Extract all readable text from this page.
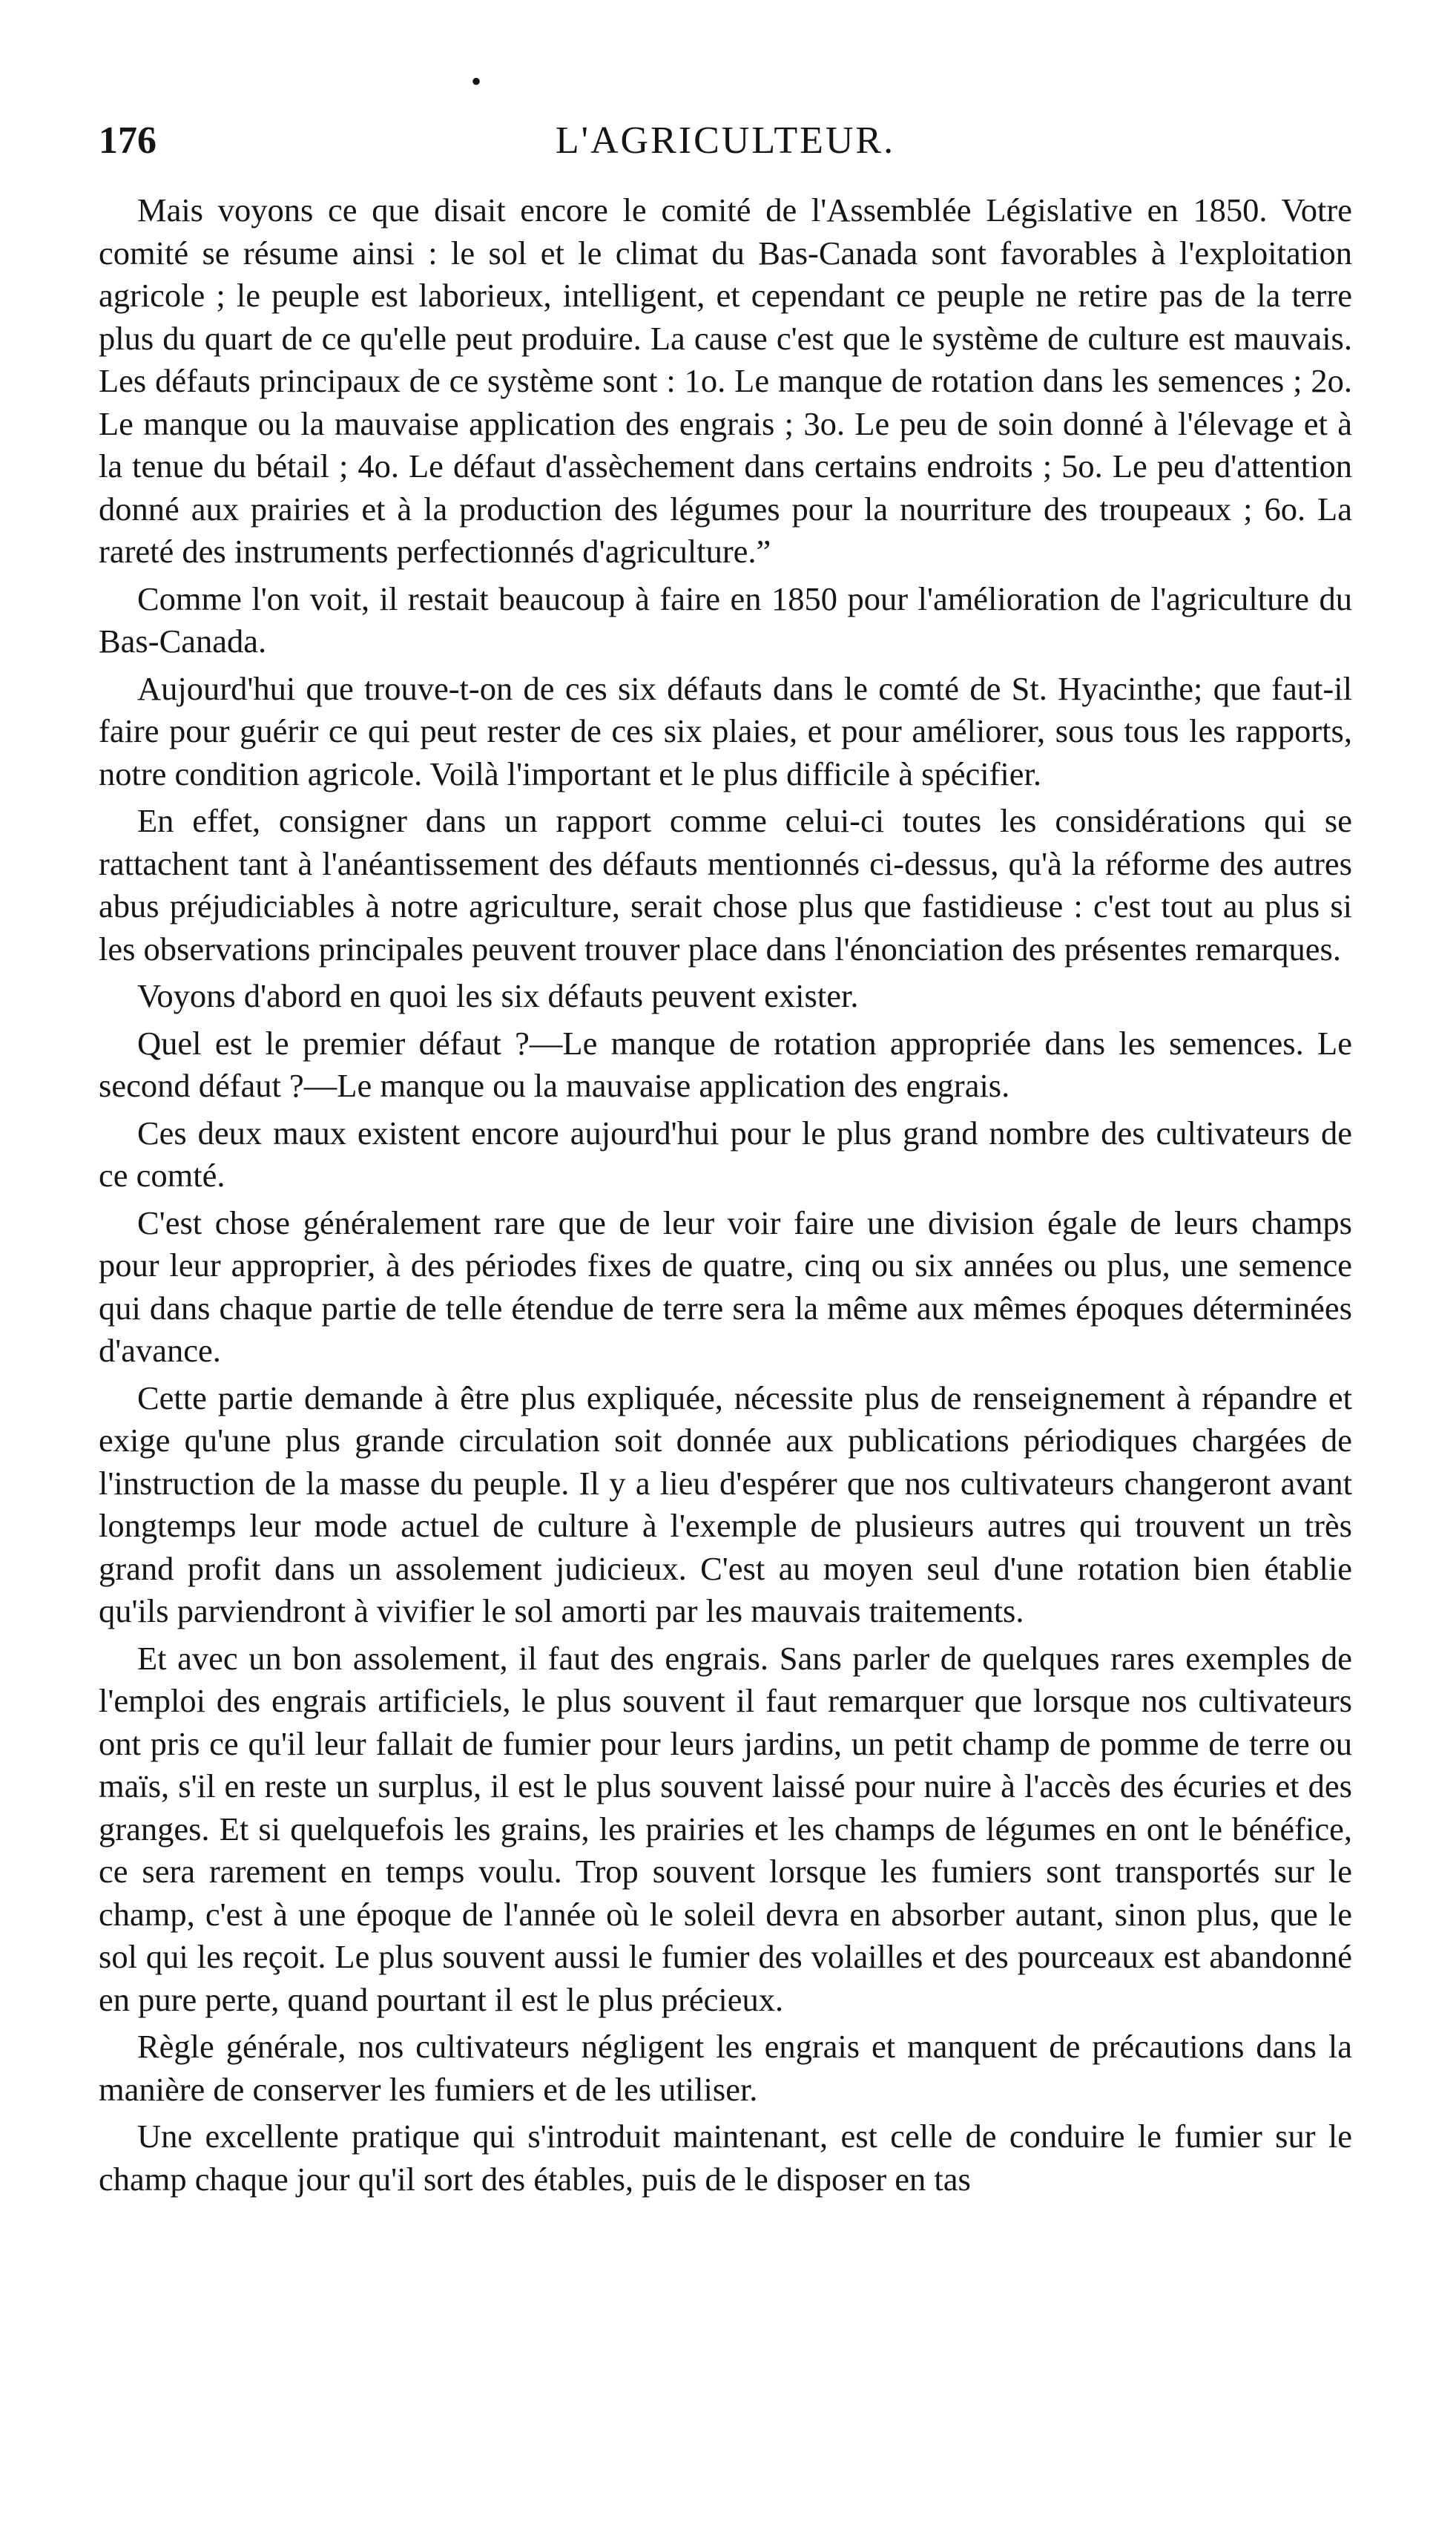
•
176	L'AGRICULTEUR.

Mais voyons ce que disait encore le comité de l'Assemblée Législative en 1850. Votre comité se résume ainsi : le sol et le climat du Bas-Canada sont favorables à l'exploitation agricole ; le peuple est laborieux, intelligent, et cependant ce peuple ne retire pas de la terre plus du quart de ce qu'elle peut produire. La cause c'est que le système de culture est mauvais. Les défauts principaux de ce système sont : 1o. Le manque de rotation dans les semences ; 2o. Le manque ou la mauvaise application des engrais ; 3o. Le peu de soin donné à l'élevage et à la tenue du bétail ; 4o. Le défaut d'assèchement dans certains endroits ; 5o. Le peu d'attention donné aux prairies et à la production des légumes pour la nourriture des troupeaux ; 6o. La rareté des instruments perfectionnés d'agriculture.”

Comme l'on voit, il restait beaucoup à faire en 1850 pour l'amélioration de l'agriculture du Bas-Canada.

Aujourd'hui que trouve-t-on de ces six défauts dans le comté de St. Hyacinthe; que faut-il faire pour guérir ce qui peut rester de ces six plaies, et pour améliorer, sous tous les rapports, notre condition agricole. Voilà l'important et le plus difficile à spécifier.

En effet, consigner dans un rapport comme celui-ci toutes les considérations qui se rattachent tant à l'anéantissement des défauts mentionnés ci-dessus, qu'à la réforme des autres abus préjudiciables à notre agriculture, serait chose plus que fastidieuse : c'est tout au plus si les observations principales peuvent trouver place dans l'énonciation des présentes remarques.

Voyons d'abord en quoi les six défauts peuvent exister.

Quel est le premier défaut ?—Le manque de rotation appropriée dans les semences. Le second défaut ?—Le manque ou la mauvaise application des engrais.

Ces deux maux existent encore aujourd'hui pour le plus grand nombre des cultivateurs de ce comté.

C'est chose généralement rare que de leur voir faire une division égale de leurs champs pour leur approprier, à des périodes fixes de quatre, cinq ou six années ou plus, une semence qui dans chaque partie de telle étendue de terre sera la même aux mêmes époques déterminées d'avance.

Cette partie demande à être plus expliquée, nécessite plus de renseignement à répandre et exige qu'une plus grande circulation soit donnée aux publications périodiques chargées de l'instruction de la masse du peuple. Il y a lieu d'espérer que nos cultivateurs changeront avant longtemps leur mode actuel de culture à l'exemple de plusieurs autres qui trouvent un très grand profit dans un assolement judicieux. C'est au moyen seul d'une rotation bien établie qu'ils parviendront à vivifier le sol amorti par les mauvais traitements.

Et avec un bon assolement, il faut des engrais. Sans parler de quelques rares exemples de l'emploi des engrais artificiels, le plus souvent il faut remarquer que lorsque nos cultivateurs ont pris ce qu'il leur fallait de fumier pour leurs jardins, un petit champ de pomme de terre ou maïs, s'il en reste un surplus, il est le plus souvent laissé pour nuire à l'accès des écuries et des granges. Et si quelquefois les grains, les prairies et les champs de légumes en ont le bénéfice, ce sera rarement en temps voulu. Trop souvent lorsque les fumiers sont transportés sur le champ, c'est à une époque de l'année où le soleil devra en absorber autant, sinon plus, que le sol qui les reçoit. Le plus souvent aussi le fumier des volailles et des pourceaux est abandonné en pure perte, quand pourtant il est le plus précieux.

Règle générale, nos cultivateurs négligent les engrais et manquent de précautions dans la manière de conserver les fumiers et de les utiliser.

Une excellente pratique qui s'introduit maintenant, est celle de conduire le fumier sur le champ chaque jour qu'il sort des étables, puis de le disposer en tas
